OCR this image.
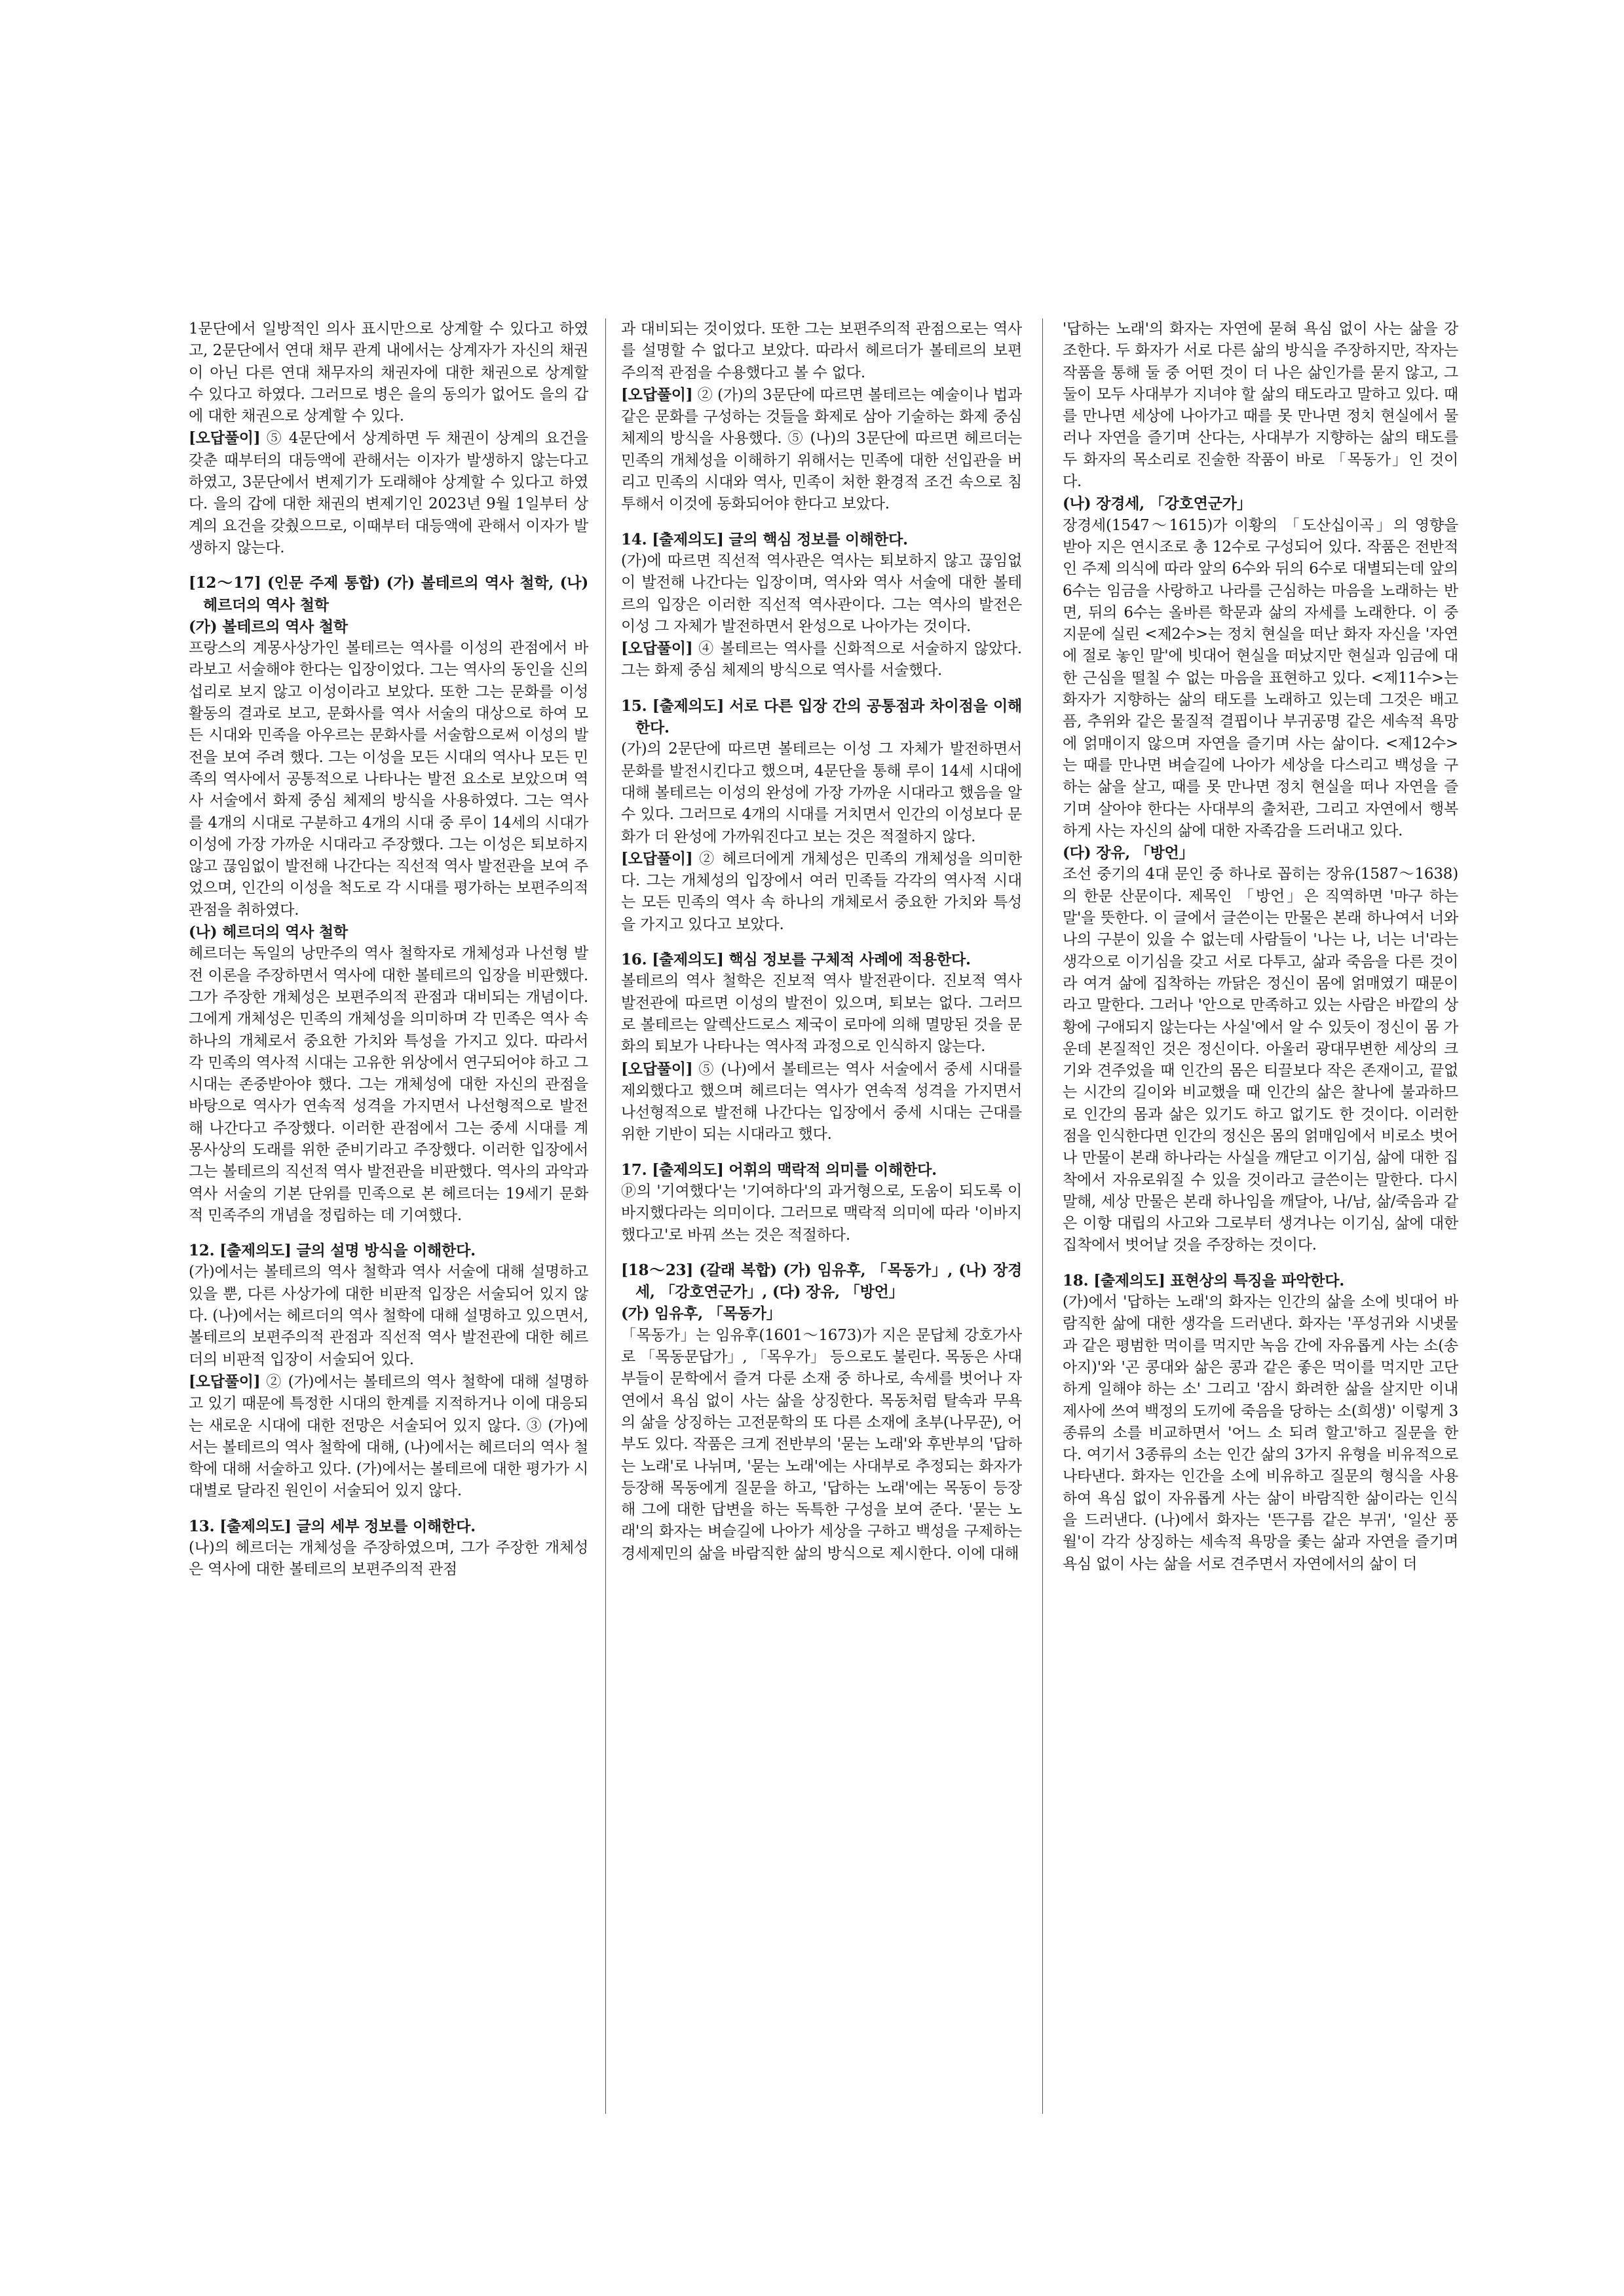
1문단에서 일방적인 의사 표시만으로 상계할 수 있다고 하였고, 2문단에서 연대 채무 관계 내에서는 상계자가 자신의 채권이 아닌 다른 연대 채무자의 채권자에 대한 채권으로 상계할 수 있다고 하였다. 그러므로 병은 을의 동의가 없어도 을의 갑에 대한 채권으로 상계할 수 있다.

[오답풀이] ⑤ 4문단에서 상계하면 두 채권이 상계의 요건을 갖춘 때부터의 대등액에 관해서는 이자가 발생하지 않는다고 하였고, 3문단에서 변제기가 도래해야 상계할 수 있다고 하였다. 을의 갑에 대한 채권의 변제기인 2023년 9월 1일부터 상계의 요건을 갖췄으므로, 이때부터 대등액에 관해서 이자가 발생하지 않는다.

[12～17] (인문 주제 통합) (가) 볼테르의 역사 철학, (나) 헤르더의 역사 철학

(가) 볼테르의 역사 철학

프랑스의 계몽사상가인 볼테르는 역사를 이성의 관점에서 바라보고 서술해야 한다는 입장이었다. 그는 역사의 동인을 신의 섭리로 보지 않고 이성이라고 보았다. 또한 그는 문화를 이성 활동의 결과로 보고, 문화사를 역사 서술의 대상으로 하여 모든 시대와 민족을 아우르는 문화사를 서술함으로써 이성의 발전을 보여 주려 했다. 그는 이성을 모든 시대의 역사나 모든 민족의 역사에서 공통적으로 나타나는 발전 요소로 보았으며 역사 서술에서 화제 중심 체제의 방식을 사용하였다. 그는 역사를 4개의 시대로 구분하고 4개의 시대 중 루이 14세의 시대가 이성에 가장 가까운 시대라고 주장했다. 그는 이성은 퇴보하지 않고 끊임없이 발전해 나간다는 직선적 역사 발전관을 보여 주었으며, 인간의 이성을 척도로 각 시대를 평가하는 보편주의적 관점을 취하였다.

(나) 헤르더의 역사 철학

헤르더는 독일의 낭만주의 역사 철학자로 개체성과 나선형 발전 이론을 주장하면서 역사에 대한 볼테르의 입장을 비판했다. 그가 주장한 개체성은 보편주의적 관점과 대비되는 개념이다. 그에게 개체성은 민족의 개체성을 의미하며 각 민족은 역사 속 하나의 개체로서 중요한 가치와 특성을 가지고 있다. 따라서 각 민족의 역사적 시대는 고유한 위상에서 연구되어야 하고 그 시대는 존중받아야 했다. 그는 개체성에 대한 자신의 관점을 바탕으로 역사가 연속적 성격을 가지면서 나선형적으로 발전해 나간다고 주장했다. 이러한 관점에서 그는 중세 시대를 계몽사상의 도래를 위한 준비기라고 주장했다. 이러한 입장에서 그는 볼테르의 직선적 역사 발전관을 비판했다. 역사의 과악과 역사 서술의 기본 단위를 민족으로 본 헤르더는 19세기 문화적 민족주의 개념을 정립하는 데 기여했다.

12. [출제의도] 글의 설명 방식을 이해한다.

(가)에서는 볼테르의 역사 철학과 역사 서술에 대해 설명하고 있을 뿐, 다른 사상가에 대한 비판적 입장은 서술되어 있지 않다. (나)에서는 헤르더의 역사 철학에 대해 설명하고 있으면서, 볼테르의 보편주의적 관점과 직선적 역사 발전관에 대한 헤르더의 비판적 입장이 서술되어 있다.

[오답풀이] ② (가)에서는 볼테르의 역사 철학에 대해 설명하고 있기 때문에 특정한 시대의 한계를 지적하거나 이에 대응되는 새로운 시대에 대한 전망은 서술되어 있지 않다. ③ (가)에서는 볼테르의 역사 철학에 대해, (나)에서는 헤르더의 역사 철학에 대해 서술하고 있다. (가)에서는 볼테르에 대한 평가가 시대별로 달라진 원인이 서술되어 있지 않다.

13. [출제의도] 글의 세부 정보를 이해한다.

(나)의 헤르더는 개체성을 주장하였으며, 그가 주장한 개체성은 역사에 대한 볼테르의 보편주의적 관점

과 대비되는 것이었다. 또한 그는 보편주의적 관점으로는 역사를 설명할 수 없다고 보았다. 따라서 헤르더가 볼테르의 보편주의적 관점을 수용했다고 볼 수 없다.

[오답풀이] ② (가)의 3문단에 따르면 볼테르는 예술이나 법과 같은 문화를 구성하는 것들을 화제로 삼아 기술하는 화제 중심 체제의 방식을 사용했다. ⑤ (나)의 3문단에 따르면 헤르더는 민족의 개체성을 이해하기 위해서는 민족에 대한 선입관을 버리고 민족의 시대와 역사, 민족이 처한 환경적 조건 속으로 침투해서 이것에 동화되어야 한다고 보았다.

14. [출제의도] 글의 핵심 정보를 이해한다.

(가)에 따르면 직선적 역사관은 역사는 퇴보하지 않고 끊임없이 발전해 나간다는 입장이며, 역사와 역사 서술에 대한 볼테르의 입장은 이러한 직선적 역사관이다. 그는 역사의 발전은 이성 그 자체가 발전하면서 완성으로 나아가는 것이다.

[오답풀이] ④ 볼테르는 역사를 신화적으로 서술하지 않았다. 그는 화제 중심 체제의 방식으로 역사를 서술했다.

15. [출제의도] 서로 다른 입장 간의 공통점과 차이점을 이해한다.

(가)의 2문단에 따르면 볼테르는 이성 그 자체가 발전하면서 문화를 발전시킨다고 했으며, 4문단을 통해 루이 14세 시대에 대해 볼테르는 이성의 완성에 가장 가까운 시대라고 했음을 알 수 있다. 그러므로 4개의 시대를 거치면서 인간의 이성보다 문화가 더 완성에 가까워진다고 보는 것은 적절하지 않다.

[오답풀이] ② 헤르더에게 개체성은 민족의 개체성을 의미한다. 그는 개체성의 입장에서 여러 민족들 각각의 역사적 시대는 모든 민족의 역사 속 하나의 개체로서 중요한 가치와 특성을 가지고 있다고 보았다.

16. [출제의도] 핵심 정보를 구체적 사례에 적용한다.

볼테르의 역사 철학은 진보적 역사 발전관이다. 진보적 역사 발전관에 따르면 이성의 발전이 있으며, 퇴보는 없다. 그러므로 볼테르는 알렉산드로스 제국이 로마에 의해 멸망된 것을 문화의 퇴보가 나타나는 역사적 과정으로 인식하지 않는다.

[오답풀이] ⑤ (나)에서 볼테르는 역사 서술에서 중세 시대를 제외했다고 했으며 헤르더는 역사가 연속적 성격을 가지면서 나선형적으로 발전해 나간다는 입장에서 중세 시대는 근대를 위한 기반이 되는 시대라고 했다.

17. [출제의도] 어휘의 맥락적 의미를 이해한다.

ⓟ의 '기여했다'는 '기여하다'의 과거형으로, 도움이 되도록 이바지했다라는 의미이다. 그러므로 맥락적 의미에 따라 '이바지했다고'로 바꿔 쓰는 것은 적절하다.

[18～23] (갈래 복합) (가) 임유후, 「목동가」, (나) 장경세, 「강호연군가」, (다) 장유, 「방언」

(가) 임유후, 「목동가」

「목동가」는 임유후(1601～1673)가 지은 문답체 강호가사로 「목동문답가」, 「목우가」 등으로도 불린다. 목동은 사대부들이 문학에서 즐겨 다룬 소재 중 하나로, 속세를 벗어나 자연에서 욕심 없이 사는 삶을 상징한다. 목동처럼 탈속과 무욕의 삶을 상징하는 고전문학의 또 다른 소재에 초부(나무꾼), 어부도 있다. 작품은 크게 전반부의 '묻는 노래'와 후반부의 '답하는 노래'로 나뉘며, '묻는 노래'에는 사대부로 추정되는 화자가 등장해 목동에게 질문을 하고, '답하는 노래'에는 목동이 등장해 그에 대한 답변을 하는 독특한 구성을 보여 준다. '묻는 노래'의 화자는 벼슬길에 나아가 세상을 구하고 백성을 구제하는 경세제민의 삶을 바람직한 삶의 방식으로 제시한다. 이에 대해

'답하는 노래'의 화자는 자연에 묻혀 욕심 없이 사는 삶을 강조한다. 두 화자가 서로 다른 삶의 방식을 주장하지만, 작자는 작품을 통해 둘 중 어떤 것이 더 나은 삶인가를 묻지 않고, 그 둘이 모두 사대부가 지녀야 할 삶의 태도라고 말하고 있다. 때를 만나면 세상에 나아가고 때를 못 만나면 정치 현실에서 물러나 자연을 즐기며 산다는, 사대부가 지향하는 삶의 태도를 두 화자의 목소리로 진술한 작품이 바로 「목동가」인 것이다.

(나) 장경세, 「강호연군가」

장경세(1547～1615)가 이황의 「도산십이곡」의 영향을 받아 지은 연시조로 총 12수로 구성되어 있다. 작품은 전반적인 주제 의식에 따라 앞의 6수와 뒤의 6수로 대별되는데 앞의 6수는 임금을 사랑하고 나라를 근심하는 마음을 노래하는 반면, 뒤의 6수는 올바른 학문과 삶의 자세를 노래한다. 이 중 지문에 실린 <제2수>는 정치 현실을 떠난 화자 자신을 '자연에 절로 놓인 말'에 빗대어 현실을 떠났지만 현실과 임금에 대한 근심을 떨칠 수 없는 마음을 표현하고 있다. <제11수>는 화자가 지향하는 삶의 태도를 노래하고 있는데 그것은 배고픔, 추위와 같은 물질적 결핍이나 부귀공명 같은 세속적 욕망에 얽매이지 않으며 자연을 즐기며 사는 삶이다. <제12수>는 때를 만나면 벼슬길에 나아가 세상을 다스리고 백성을 구하는 삶을 살고, 때를 못 만나면 정치 현실을 떠나 자연을 즐기며 살아야 한다는 사대부의 출처관, 그리고 자연에서 행복하게 사는 자신의 삶에 대한 자족감을 드러내고 있다.

(다) 장유, 「방언」

조선 중기의 4대 문인 중 하나로 꼽히는 장유(1587～1638)의 한문 산문이다. 제목인 「방언」은 직역하면 '마구 하는 말'을 뜻한다. 이 글에서 글쓴이는 만물은 본래 하나여서 너와 나의 구분이 있을 수 없는데 사람들이 '나는 나, 너는 너'라는 생각으로 이기심을 갖고 서로 다투고, 삶과 죽음을 다른 것이라 여겨 삶에 집착하는 까닭은 정신이 몸에 얽매였기 때문이라고 말한다. 그러나 '안으로 만족하고 있는 사람은 바깥의 상황에 구애되지 않는다는 사실'에서 알 수 있듯이 정신이 몸 가운데 본질적인 것은 정신이다. 아울러 광대무변한 세상의 크기와 견주었을 때 인간의 몸은 티끌보다 작은 존재이고, 끝없는 시간의 길이와 비교했을 때 인간의 삶은 찰나에 불과하므로 인간의 몸과 삶은 있기도 하고 없기도 한 것이다. 이러한 점을 인식한다면 인간의 정신은 몸의 얽매임에서 비로소 벗어나 만물이 본래 하나라는 사실을 깨닫고 이기심, 삶에 대한 집착에서 자유로워질 수 있을 것이라고 글쓴이는 말한다. 다시 말해, 세상 만물은 본래 하나임을 깨달아, 나/남, 삶/죽음과 같은 이항 대립의 사고와 그로부터 생겨나는 이기심, 삶에 대한 집착에서 벗어날 것을 주장하는 것이다.

18. [출제의도] 표현상의 특징을 파악한다.

(가)에서 '답하는 노래'의 화자는 인간의 삶을 소에 빗대어 바람직한 삶에 대한 생각을 드러낸다. 화자는 '푸성귀와 시냇물과 같은 평범한 먹이를 먹지만 녹음 간에 자유롭게 사는 소(송아지)'와 '곤 콩대와 삶은 콩과 같은 좋은 먹이를 먹지만 고단하게 일해야 하는 소' 그리고 '잠시 화려한 삶을 살지만 이내 제사에 쓰여 백정의 도끼에 죽음을 당하는 소(희생)' 이렇게 3종류의 소를 비교하면서 '어느 소 되려 할고'하고 질문을 한다. 여기서 3종류의 소는 인간 삶의 3가지 유형을 비유적으로 나타낸다. 화자는 인간을 소에 비유하고 질문의 형식을 사용하여 욕심 없이 자유롭게 사는 삶이 바람직한 삶이라는 인식을 드러낸다. (나)에서 화자는 '뜬구름 같은 부귀', '일산 풍월'이 각각 상징하는 세속적 욕망을 좇는 삶과 자연을 즐기며 욕심 없이 사는 삶을 서로 견주면서 자연에서의 삶이 더
